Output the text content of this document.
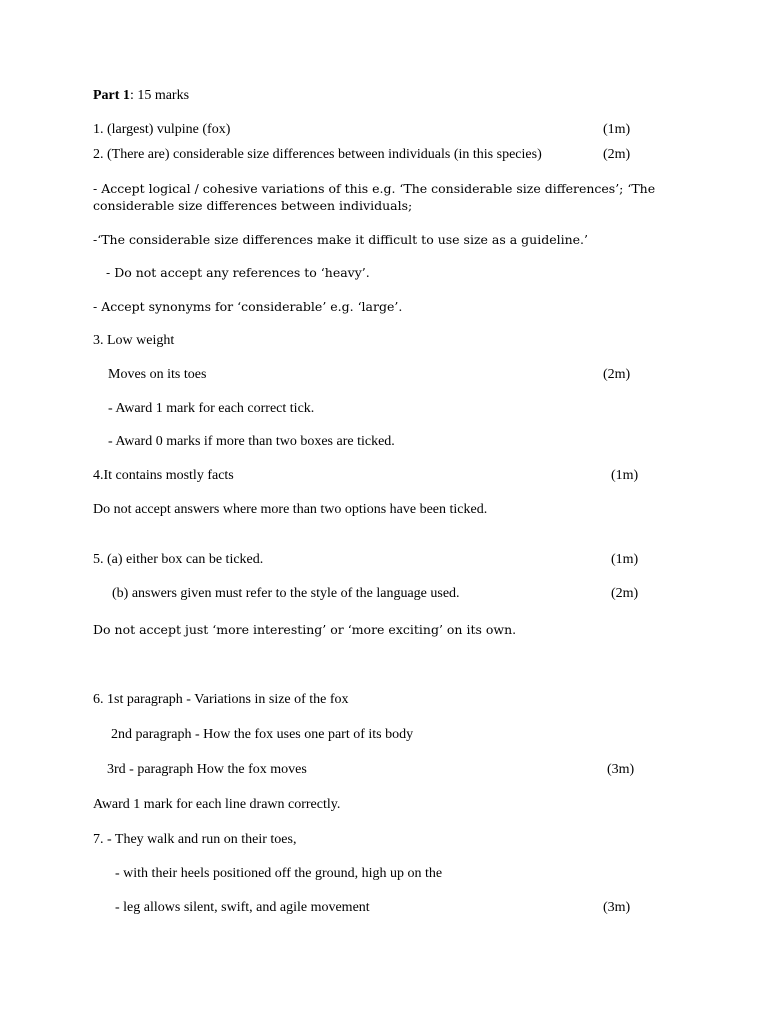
Part 1: 15 marks
1. (largest) vulpine (fox)	(1m)
2. (There are) considerable size differences between individuals (in this species)	(2m)
- Accept logical / cohesive variations of this e.g. ‘The considerable size differences’; ‘The
considerable size differences between individuals;
-‘The considerable size differences make it difficult to use size as a guideline.’
- Do not accept any references to ‘heavy’.
- Accept synonyms for ‘considerable’ e.g. ‘large’.
3. Low weight
Moves on its toes	(2m)
- Award 1 mark for each correct tick.
- Award 0 marks if more than two boxes are ticked.
4.It contains mostly facts	(1m)
Do not accept answers where more than two options have been ticked.
5. (a) either box can be ticked.	(1m)
(b) answers given must refer to the style of the language used.	(2m)
Do not accept just ‘more interesting’ or ‘more exciting’ on its own.
6. 1st paragraph - Variations in size of the fox
2nd paragraph - How the fox uses one part of its body
3rd - paragraph How the fox moves	(3m)
Award 1 mark for each line drawn correctly.
7. - They walk and run on their toes,
- with their heels positioned off the ground, high up on the
- leg allows silent, swift, and agile movement	(3m)
